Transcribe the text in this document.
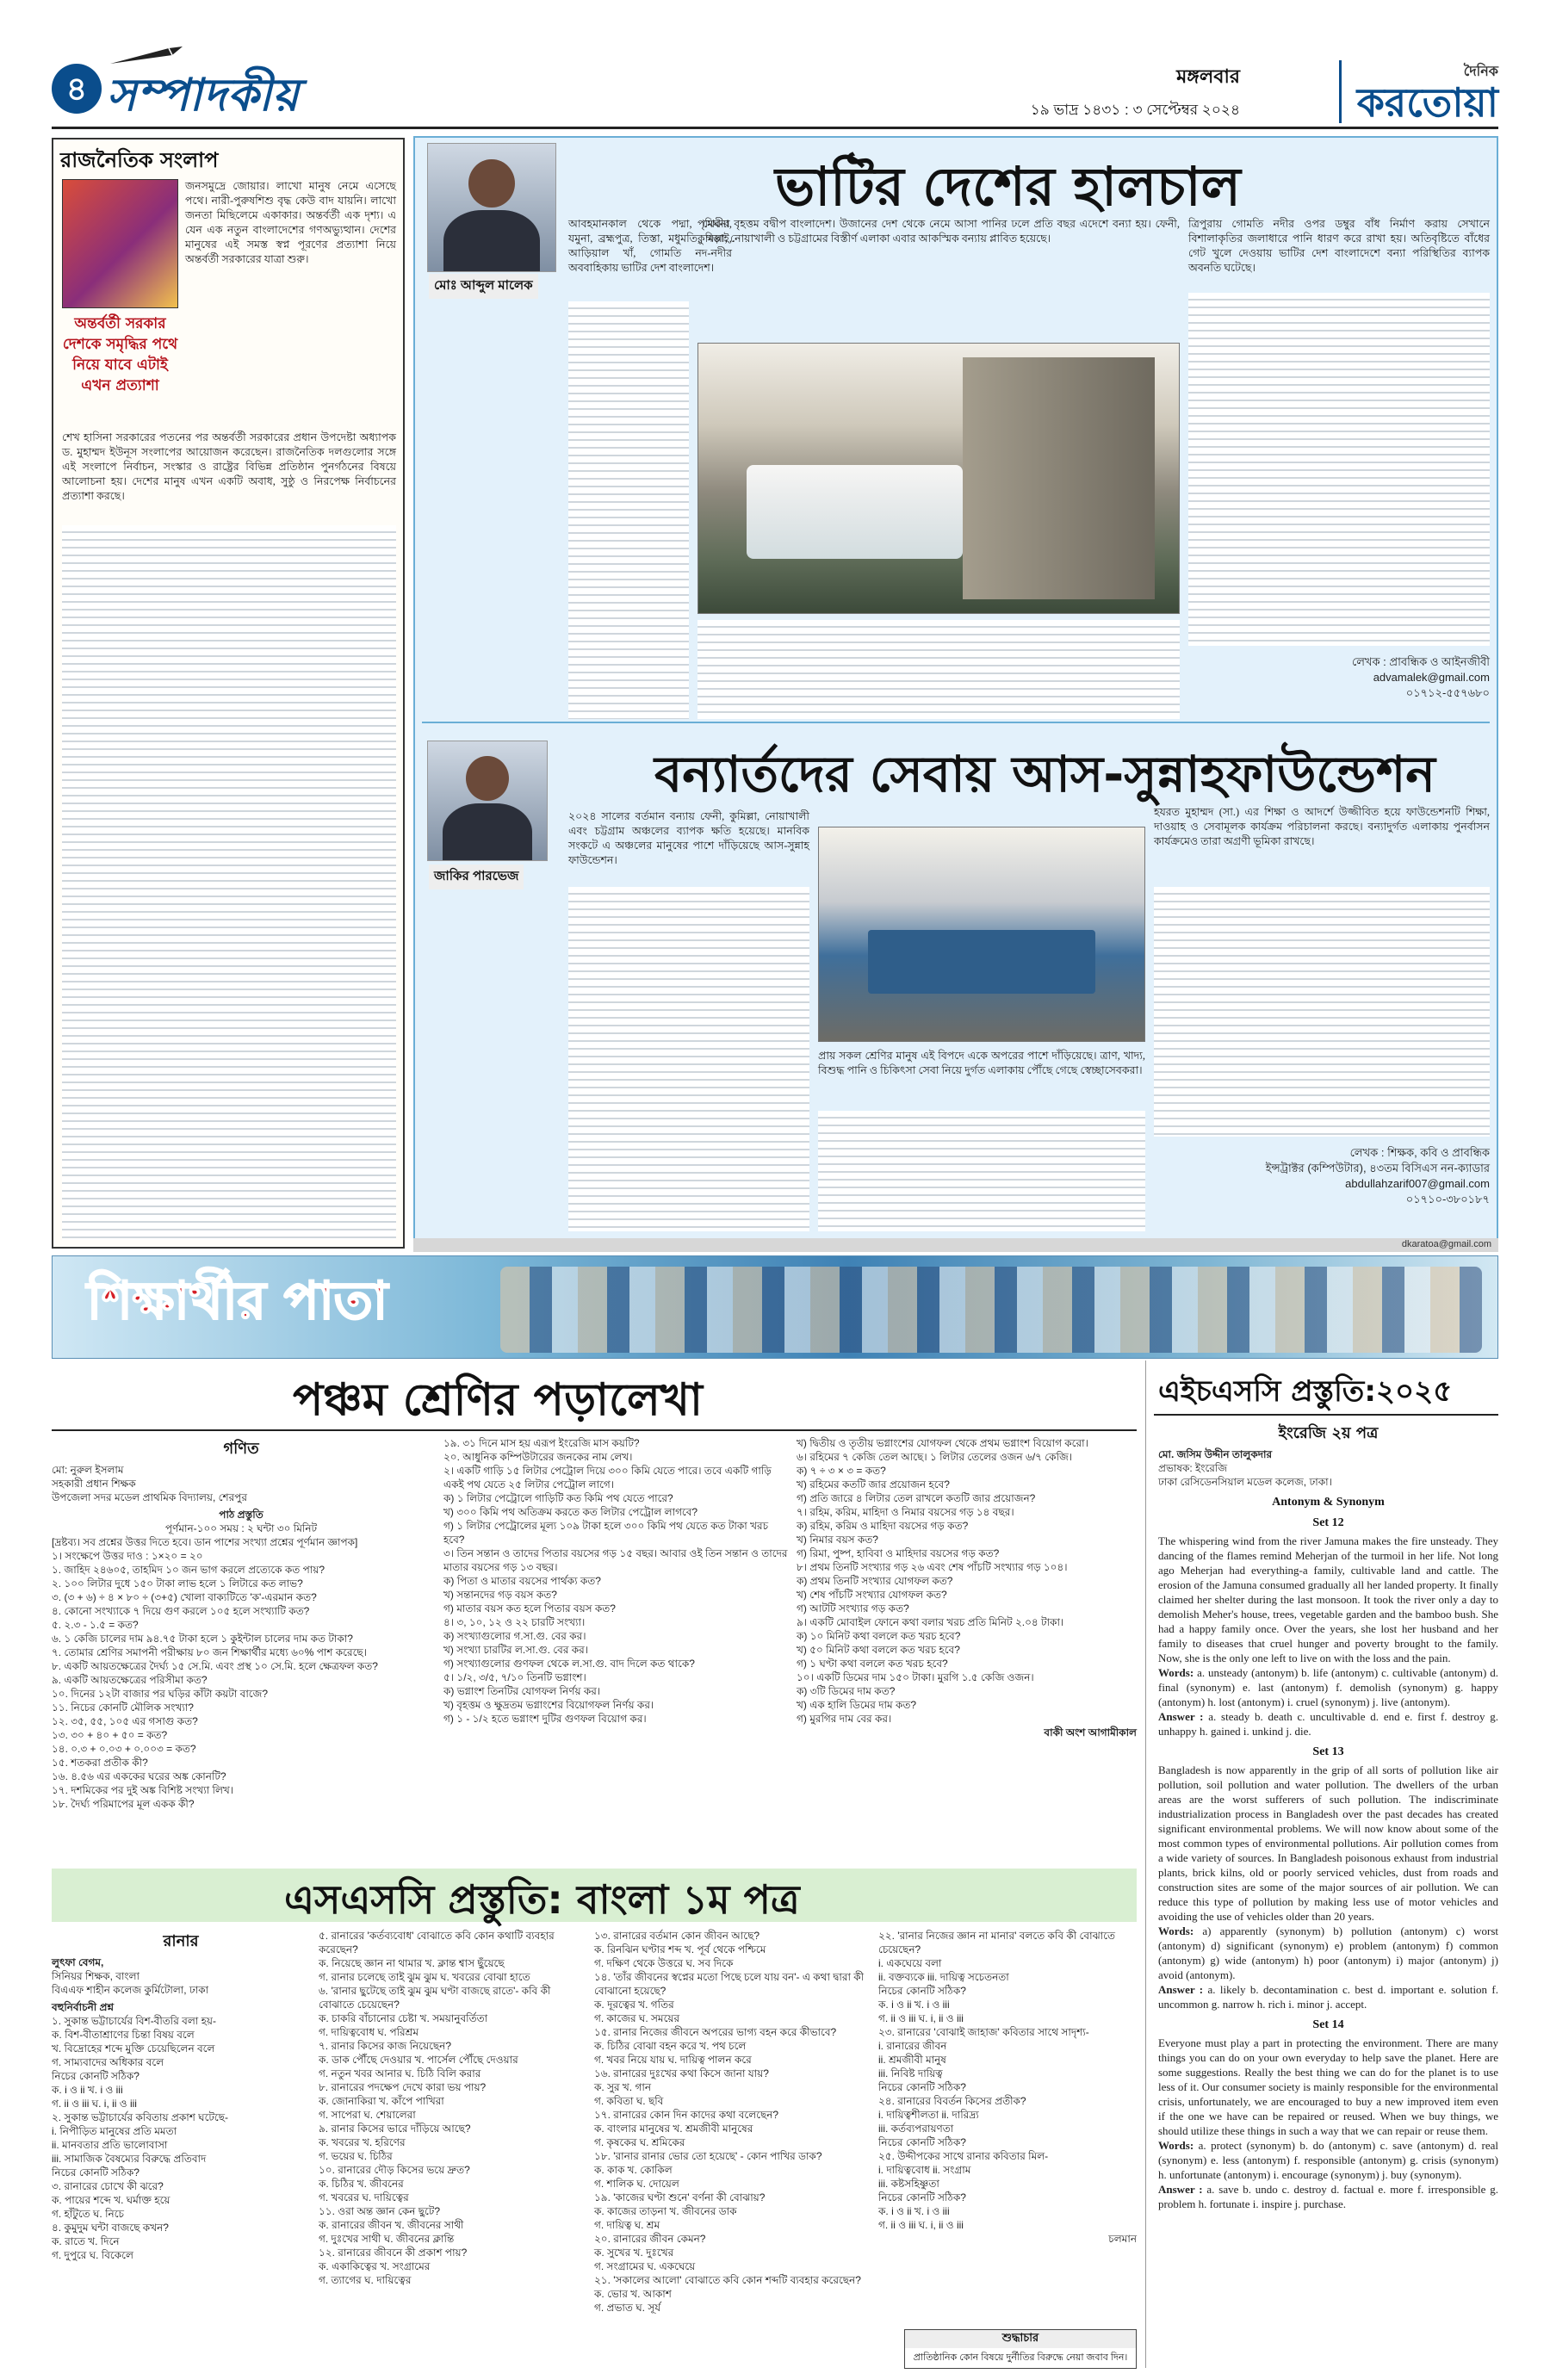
৪ সম্পাদকীয়	মঙ্গলবার
১৯ ভাদ্র ১৪৩১ : ৩ সেপ্টেম্বর ২০২৪
দৈনিক
করতোয়া
রাজনৈতিক সংলাপ
অন্তর্বর্তী সরকার দেশকে সমৃদ্ধির পথে নিয়ে যাবে এটাই এখন প্রত্যাশা
জনসমুদ্রে জোয়ার। লাখো মানুষ নেমে এসেছে পথে। নারী-পুরুষশিশু বৃদ্ধ কেউ বাদ যায়নি। লাখো জনতা মিছিলেমে একাকার। অন্তর্বর্তী এক দৃশ্য। এ যেন এক নতুন বাংলাদেশের গণঅভ্যুত্থান। দেশের মানুষের এই সমস্ত স্বপ্ন পূরণের প্রত্যাশা নিয়ে অন্তর্বর্তী সরকারের যাত্রা শুরু।
শেখ হাসিনা সরকারের পতনের পর অন্তর্বর্তী সরকারের প্রধান উপদেষ্টা অধ্যাপক ড. মুহাম্মদ ইউনূস সংলাপের আয়োজন করেছেন। রাজনৈতিক দলগুলোর সঙ্গে এই সংলাপে নির্বাচন, সংস্কার ও রাষ্ট্রের বিভিন্ন প্রতিষ্ঠান পুনর্গঠনের বিষয়ে আলোচনা হয়। দেশের মানুষ এখন একটি অবাধ, সুষ্ঠু ও নিরপেক্ষ নির্বাচনের প্রত্যাশা করছে।
মোঃ আব্দুল মালেক
ভাটির দেশের হালচাল
আবহমানকাল থেকে পদ্মা, মেঘনা, যমুনা, ব্রহ্মপুত্র, তিস্তা, মধুমতি, গড়াই, আড়িয়াল খাঁ, গোমতি নদ-নদীর অববাহিকায় ভাটির দেশ বাংলাদেশ।
পৃথিবীর বৃহত্তম বদ্বীপ বাংলাদেশ। উজানের দেশ থেকে নেমে আসা পানির ঢলে প্রতি বছর এদেশে বন্যা হয়। ফেনী, কুমিল্লা, নোয়াখালী ও চট্টগ্রামের বিস্তীর্ণ এলাকা এবার আকস্মিক বন্যায় প্লাবিত হয়েছে।
ত্রিপুরায় গোমতি নদীর ওপর ডম্বুর বাঁধ নির্মাণ করায় সেখানে বিশালাকৃতির জলাধারে পানি ধারণ করে রাখা হয়। অতিবৃষ্টিতে বাঁধের গেট খুলে দেওয়ায় ভাটির দেশ বাংলাদেশে বন্যা পরিস্থিতির ব্যাপক অবনতি ঘটেছে।
লেখক : প্রাবন্ধিক ও আইনজীবী
advamalek@gmail.com
০১৭১২-৫৫৭৬৮০
জাকির পারভেজ
বন্যার্তদের সেবায় আস-সুন্নাহফাউন্ডেশন
২০২৪ সালের বর্তমান বন্যায় ফেনী, কুমিল্লা, নোয়াখালী এবং চট্টগ্রাম অঞ্চলের ব্যাপক ক্ষতি হয়েছে। মানবিক সংকটে এ অঞ্চলের মানুষের পাশে দাঁড়িয়েছে আস-সুন্নাহ ফাউন্ডেশন।
প্রায় সকল শ্রেণির মানুষ এই বিপদে একে অপরের পাশে দাঁড়িয়েছে। ত্রাণ, খাদ্য, বিশুদ্ধ পানি ও চিকিৎসা সেবা নিয়ে দুর্গত এলাকায় পৌঁছে গেছে স্বেচ্ছাসেবকরা।
হযরত মুহাম্মদ (সা.) এর শিক্ষা ও আদর্শে উজ্জীবিত হয়ে ফাউন্ডেশনটি শিক্ষা, দাওয়াহ ও সেবামূলক কার্যক্রম পরিচালনা করছে। বন্যাদুর্গত এলাকায় পুনর্বাসন কার্যক্রমেও তারা অগ্রণী ভূমিকা রাখছে।
লেখক : শিক্ষক, কবি ও প্রাবন্ধিক
ইন্সট্রাক্টর (কম্পিউটার), ৪৩তম বিসিএস নন-ক্যাডার
abdullahzarif007@gmail.com
০১৭১০-৩৮০১৮৭
dkaratoa@gmail.com
শিক্ষার্থীর পাতা
পঞ্চম শ্রেণির পড়ালেখা
গণিত
মো: নুরুল ইসলাম
সহকারী প্রধান শিক্ষক
উপজেলা সদর মডেল প্রাথমিক বিদ্যালয়, শেরপুর
পাঠ প্রস্তুতি
পূর্ণমান-১০০ সময় : ২ ঘন্টা ৩০ মিনিট
[দ্রষ্টব্য। সব প্রশ্নের উত্তর দিতে হবে। ডান পাশের সংখ্যা প্রশ্নের পূর্ণমান জ্ঞাপক]
১। সংক্ষেপে উত্তর দাও : ১×২০ = ২০
১. জাহিদ ২৪৬০৫, তাহমিদ ১০ জন ভাগ করলে প্রত্যেকে কত পায়?
২. ১০০ লিটার দুধে ১৫০ টাকা লাভ হলে ১ লিটারে কত লাভ?
৩. (৩ + ৬) ÷ ৪ × ৮০ ÷ (৩+৫) খোলা বাক্যটিতে 'ক'-এরমান কত?
৪. কোনো সংখ্যাকে ৭ দিয়ে গুণ করলে ১০৫ হলে সংখ্যাটি কত?
৫. ২.৩ - ১.৫ = কত?
৬. ১ কেজি চালের দাম ৯৪.৭৫ টাকা হলে ১ কুইন্টাল চালের দাম কত টাকা?
৭. তোমার শ্রেণির সমাপনী পরীক্ষায় ৮০ জন শিক্ষার্থীর মধ্যে ৬০% পাশ করেছে।
৮. একটি আয়তক্ষেত্রের দৈর্ঘ্য ১৫ সে.মি. এবং প্রস্থ ১০ সে.মি. হলে ক্ষেত্রফল কত?
৯. একটি আয়তক্ষেত্রের পরিসীমা কত?
১০. দিনের ১২টা বাজার পর ঘড়ির কাঁটা কয়টা বাজে?
১১. নিচের কোনটি মৌলিক সংখ্যা?
১২. ৩৫, ৫৫, ১০৫ এর গসাগু কত?
১৩. ৩০ + ৪০ + ৫০ = কত?
১৪. ০.৩ + ০.০৩ + ০.০০৩ = কত?
১৫. শতকরা প্রতীক কী?
১৬. ৪.৫৬ এর এককের ঘরের অঙ্ক কোনটি?
১৭. দশমিকের পর দুই অঙ্ক বিশিষ্ট সংখ্যা লিখ।
১৮. দৈর্ঘ্য পরিমাপের মূল একক কী?
১৯. ৩১ দিনে মাস হয় এরূপ ইংরেজি মাস কয়টি?
২০. আধুনিক কম্পিউটারের জনকের নাম লেখ।
২। একটি গাড়ি ১৫ লিটার পেট্রোল দিয়ে ৩০০ কিমি যেতে পারে। তবে একটি গাড়ি একই পথ যেতে ২৫ লিটার পেট্রোল লাগে।
ক) ১ লিটার পেট্রোলে গাড়িটি কত কিমি পথ যেতে পারে?
খ) ৩০০ কিমি পথ অতিক্রম করতে কত লিটার পেট্রোল লাগবে?
গ) ১ লিটার পেট্রোলের মূল্য ১০৯ টাকা হলে ৩০০ কিমি পথ যেতে কত টাকা খরচ হবে?
৩। তিন সন্তান ও তাদের পিতার বয়সের গড় ১৫ বছর। আবার ওই তিন সন্তান ও তাদের মাতার বয়সের গড় ১৩ বছর।
ক) পিতা ও মাতার বয়সের পার্থক্য কত?
খ) সন্তানদের গড় বয়স কত?
গ) মাতার বয়স কত হলে পিতার বয়স কত?
৪। ৩, ১০, ১২ ও ২২ চারটি সংখ্যা।
ক) সংখ্যাগুলোর গ.সা.গু. বের কর।
খ) সংখ্যা চারটির ল.সা.গু. বের কর।
গ) সংখ্যাগুলোর গুণফল থেকে ল.সা.গু. বাদ দিলে কত থাকে?
৫। ১/২, ৩/৫, ৭/১০ তিনটি ভগ্নাংশ।
ক) ভগ্নাংশ তিনটির যোগফল নির্ণয় কর।
খ) বৃহত্তম ও ক্ষুদ্রতম ভগ্নাংশের বিয়োগফল নির্ণয় কর।
গ) ১ - ১/২ হতে ভগ্নাংশ দুটির গুণফল বিয়োগ কর।
খ) দ্বিতীয় ও তৃতীয় ভগ্নাংশের যোগফল থেকে প্রথম ভগ্নাংশ বিয়োগ করো।
৬। রহিমের ৭ কেজি তেল আছে। ১ লিটার তেলের ওজন ৬/৭ কেজি।
ক) ৭ ÷ ৩ × ৩ = কত?
খ) রহিমের কতটি জার প্রয়োজন হবে?
গ) প্রতি জারে ৪ লিটার তেল রাখলে কতটি জার প্রয়োজন?
৭। রহিম, করিম, মাহিদা ও নিমার বয়সের গড় ১৪ বছর।
ক) রহিম, করিম ও মাহিদা বয়সের গড় কত?
খ) নিমার বয়স কত?
গ) রিমা, পুষ্প, হাবিবা ও মাহিদার বয়সের গড় কত?
৮। প্রথম তিনটি সংখ্যার গড় ২৬ এবং শেষ পাঁচটি সংখ্যার গড় ১০৪।
ক) প্রথম তিনটি সংখ্যার যোগফল কত?
খ) শেষ পাঁচটি সংখ্যার যোগফল কত?
গ) আটটি সংখ্যার গড় কত?
৯। একটি মোবাইল ফোনে কথা বলার খরচ প্রতি মিনিট ২.০৪ টাকা।
ক) ১০ মিনিট কথা বললে কত খরচ হবে?
খ) ৫০ মিনিট কথা বললে কত খরচ হবে?
গ) ১ ঘণ্টা কথা বললে কত খরচ হবে?
১০। একটি ডিমের দাম ১৫০ টাকা। মুরগি ১.৫ কেজি ওজন।
ক) ৩টি ডিমের দাম কত?
খ) এক হালি ডিমের দাম কত?
গ) মুরগির দাম বের কর।
বাকী অংশ আগামীকাল
এসএসসি প্রস্তুতি: বাংলা ১ম পত্র
রানার
লুৎফা বেগম,
সিনিয়র শিক্ষক, বাংলা
বিএএফ শাহীন কলেজ কুর্মিটোলা, ঢাকা
বহুনির্বাচনী প্রশ্ন
১. সুকান্ত ভট্টাচার্যের বিশ-বীতরি বলা হয়-
ক. বিশ-বীতাশ্রাণের চিন্তা বিষয় বলে
খ. বিদ্রোহের শব্দে মুক্তি চেয়েছিলেন বলে
গ. সাম্যবাদের অধিকার বলে
নিচের কোনটি সঠিক?
ক. i ও ii খ. i ও iii
গ. ii ও iii ঘ. i, ii ও iii
২. সুকান্ত ভট্টাচার্যের কবিতায় প্রকাশ ঘটেছে-
i. নিপীড়িত মানুষের প্রতি মমতা
ii. মানবতার প্রতি ভালোবাসা
iii. সামাজিক বৈষম্যের বিরুদ্ধে প্রতিবাদ
নিচের কোনটি সঠিক?
৩. রানারের চোখে কী ঝরে?
ক. পায়ের শব্দে খ. ঘর্মাক্ত হয়ে
গ. হাঁটুতে ঘ. নিচে
৪. কুমুদুম ঘন্টা বাজছে কখন?
ক. রাতে খ. দিনে
গ. দুপুরে ঘ. বিকেলে
৫. রানারের 'কর্তব্যবোধ' বোঝাতে কবি কোন কথাটি ব্যবহার করেছেন?
ক. নিয়েছে জ্ঞান না থামার খ. ক্লান্ত শ্বাস ছুঁয়েছে
গ. রানার চলেছে তাই ঝুম ঝুম ঘ. খবরের বোঝা হাতে
৬. 'রানার ছুটেছে তাই ঝুম ঝুম ঘণ্টা বাজছে রাতে'- কবি কী বোঝাতে চেয়েছেন?
ক. চাকরি বাঁচানোর চেষ্টা খ. সময়ানুবর্তিতা
গ. দায়িত্ববোধ ঘ. পরিশ্রম
৭. রানার কিসের কাজ নিয়েছেন?
ক. ডাক পৌঁছে দেওয়ার খ. পার্সেল পৌঁছে দেওয়ার
গ. নতুন খবর আনার ঘ. চিঠি বিলি করার
৮. রানারের পদক্ষেপ দেখে কারা ভয় পায়?
ক. জোনাকিরা খ. কাঁপে পাখিরা
গ. সাপেরা ঘ. শেয়ালেরা
৯. রানার কিসের ভারে দাঁড়িয়ে আছে?
ক. খবরের খ. হরিণের
গ. ভয়ের ঘ. চিঠির
১০. রানারের দৌড় কিসের ভয়ে দ্রুত?
ক. চিঠির খ. জীবনের
গ. খবরের ঘ. দায়িত্বের
১১. ওরা অন্ত জ্ঞান কেন ছুটে?
ক. রানারের জীবন খ. জীবনের সাথী
গ. দুঃখের সাথী ঘ. জীবনের ক্লান্তি
১২. রানারের জীবনে কী প্রকাশ পায়?
ক. একাকিত্বের খ. সংগ্রামের
গ. ত্যাগের ঘ. দায়িত্বের
১৩. রানারের বর্তমান কোন জীবন আছে?
ক. রিনঝিন ঘণ্টার শব্দ খ. পূর্ব থেকে পশ্চিমে
গ. দক্ষিণ থেকে উত্তরে ঘ. সব দিকে
১৪. 'তাঁর জীবনের স্বপ্নের মতো পিছে চলে যায় বন'- এ কথা দ্বারা কী বোঝানো হয়েছে?
ক. দূরত্বের খ. গতির
গ. কাজের ঘ. সময়ের
১৫. রানার নিজের জীবনে অপরের ভাগ্য বহন করে কীভাবে?
ক. চিঠির বোঝা বহন করে খ. পথ চলে
গ. খবর নিয়ে যায় ঘ. দায়িত্ব পালন করে
১৬. রানারের দুঃখের কথা কিসে জানা যায়?
ক. সুর খ. গান
গ. কবিতা ঘ. ছবি
১৭. রানারের কোন দিন কাদের কথা বলেছেন?
ক. বাংলার মানুষের খ. শ্রমজীবী মানুষের
গ. কৃষকের ঘ. শ্রমিকের
১৮. 'রানার রানার ভোর তো হয়েছে' - কোন পাখির ডাক?
ক. কাক খ. কোকিল
গ. শালিক ঘ. দোয়েল
১৯. 'কাজের ঘণ্টা শুনে' বর্ণনা কী বোঝায়?
ক. কাজের তাড়না খ. জীবনের ডাক
গ. দায়িত্ব ঘ. শ্রম
২০. রানারের জীবন কেমন?
ক. সুখের খ. দুঃখের
গ. সংগ্রামের ঘ. একঘেয়ে
২১. 'সকালের আলো' বোঝাতে কবি কোন শব্দটি ব্যবহার করেছেন?
ক. ভোর খ. আকাশ
গ. প্রভাত ঘ. সূর্য
২২. 'রানার নিজের জ্ঞান না মানার' বলতে কবি কী বোঝাতে চেয়েছেন?
i. একঘেয়ে বলা
ii. বক্তব্যকে iii. দায়িত্ব সচেতনতা
নিচের কোনটি সঠিক?
ক. i ও ii খ. i ও iii
গ. ii ও iii ঘ. i, ii ও iii
২৩. রানারের 'বোঝাই জাহাজ' কবিতার সাথে সাদৃশ্য-
i. রানারের জীবন
ii. শ্রমজীবী মানুষ
iii. নিবিষ্ট দায়িত্ব
নিচের কোনটি সঠিক?
২৪. রানারের বিবর্তন কিসের প্রতীক?
i. দায়িত্বশীলতা ii. দারিদ্র্য
iii. কর্তব্যপরায়ণতা
নিচের কোনটি সঠিক?
২৫. উদ্দীপকের সাথে রানার কবিতার মিল-
i. দায়িত্ববোধ ii. সংগ্রাম
iii. কষ্টসহিষ্ণুতা
নিচের কোনটি সঠিক?
ক. i ও ii খ. i ও iii
গ. ii ও iii ঘ. i, ii ও iii
চলমান
শুদ্ধাচার
প্রাতিষ্ঠানিক কোন বিষয়ে দুর্নীতির বিরুদ্ধে নেয়া জবাব দিন।
এইচএসসি প্রস্তুতি:২০২৫
ইংরেজি ২য় পত্র
মো. জসিম উদ্দীন তালুকদার
প্রভাষক: ইংরেজি
ঢাকা রেসিডেনসিয়াল মডেল কলেজ, ঢাকা।
Antonym & Synonym
Set 12
The whispering wind from the river Jamuna makes the fire unsteady. They dancing of the flames remind Meherjan of the turmoil in her life. Not long ago Meherjan had everything-a family, cultivable land and cattle. The erosion of the Jamuna consumed gradually all her landed property. It finally claimed her shelter during the last monsoon. It took the river only a day to demolish Meher's house, trees, vegetable garden and the bamboo bush. She had a happy family once. Over the years, she lost her husband and her family to diseases that cruel hunger and poverty brought to the family. Now, she is the only one left to live on with the loss and the pain.
Words: a. unsteady (antonym) b. life (antonym) c. cultivable (antonym) d. final (synonym) e. last (antonym) f. demolish (synonym) g. happy (antonym) h. lost (antonym) i. cruel (synonym) j. live (antonym).
Answer : a. steady b. death c. uncultivable d. end e. first f. destroy g. unhappy h. gained i. unkind j. die.
Set 13
Bangladesh is now apparently in the grip of all sorts of pollution like air pollution, soil pollution and water pollution. The dwellers of the urban areas are the worst sufferers of such pollution. The indiscriminate industrialization process in Bangladesh over the past decades has created significant environmental problems. We will now know about some of the most common types of environmental pollutions. Air pollution comes from a wide variety of sources. In Bangladesh poisonous exhaust from industrial plants, brick kilns, old or poorly serviced vehicles, dust from roads and construction sites are some of the major sources of air pollution. We can reduce this type of pollution by making less use of motor vehicles and avoiding the use of vehicles older than 20 years.
Words: a) apparently (synonym) b) pollution (antonym) c) worst (antonym) d) significant (synonym) e) problem (antonym) f) common (antonym) g) wide (antonym) h) poor (antonym) i) major (antonym) j) avoid (antonym).
Answer : a. likely b. decontamination c. best d. important e. solution f. uncommon g. narrow h. rich i. minor j. accept.
Set 14
Everyone must play a part in protecting the environment. There are many things you can do on your own everyday to help save the planet. Here are some suggestions. Really the best thing we can do for the planet is to use less of it. Our consumer society is mainly responsible for the environmental crisis, unfortunately, we are encouraged to buy a new improved item even if the one we have can be repaired or reused. When we buy things, we should utilize these things in such a way that we can repair or reuse them.
Words: a. protect (synonym) b. do (antonym) c. save (antonym) d. real (synonym) e. less (antonym) f. responsible (antonym) g. crisis (synonym) h. unfortunate (antonym) i. encourage (synonym) j. buy (synonym).
Answer : a. save b. undo c. destroy d. factual e. more f. irresponsible g. problem h. fortunate i. inspire j. purchase.
